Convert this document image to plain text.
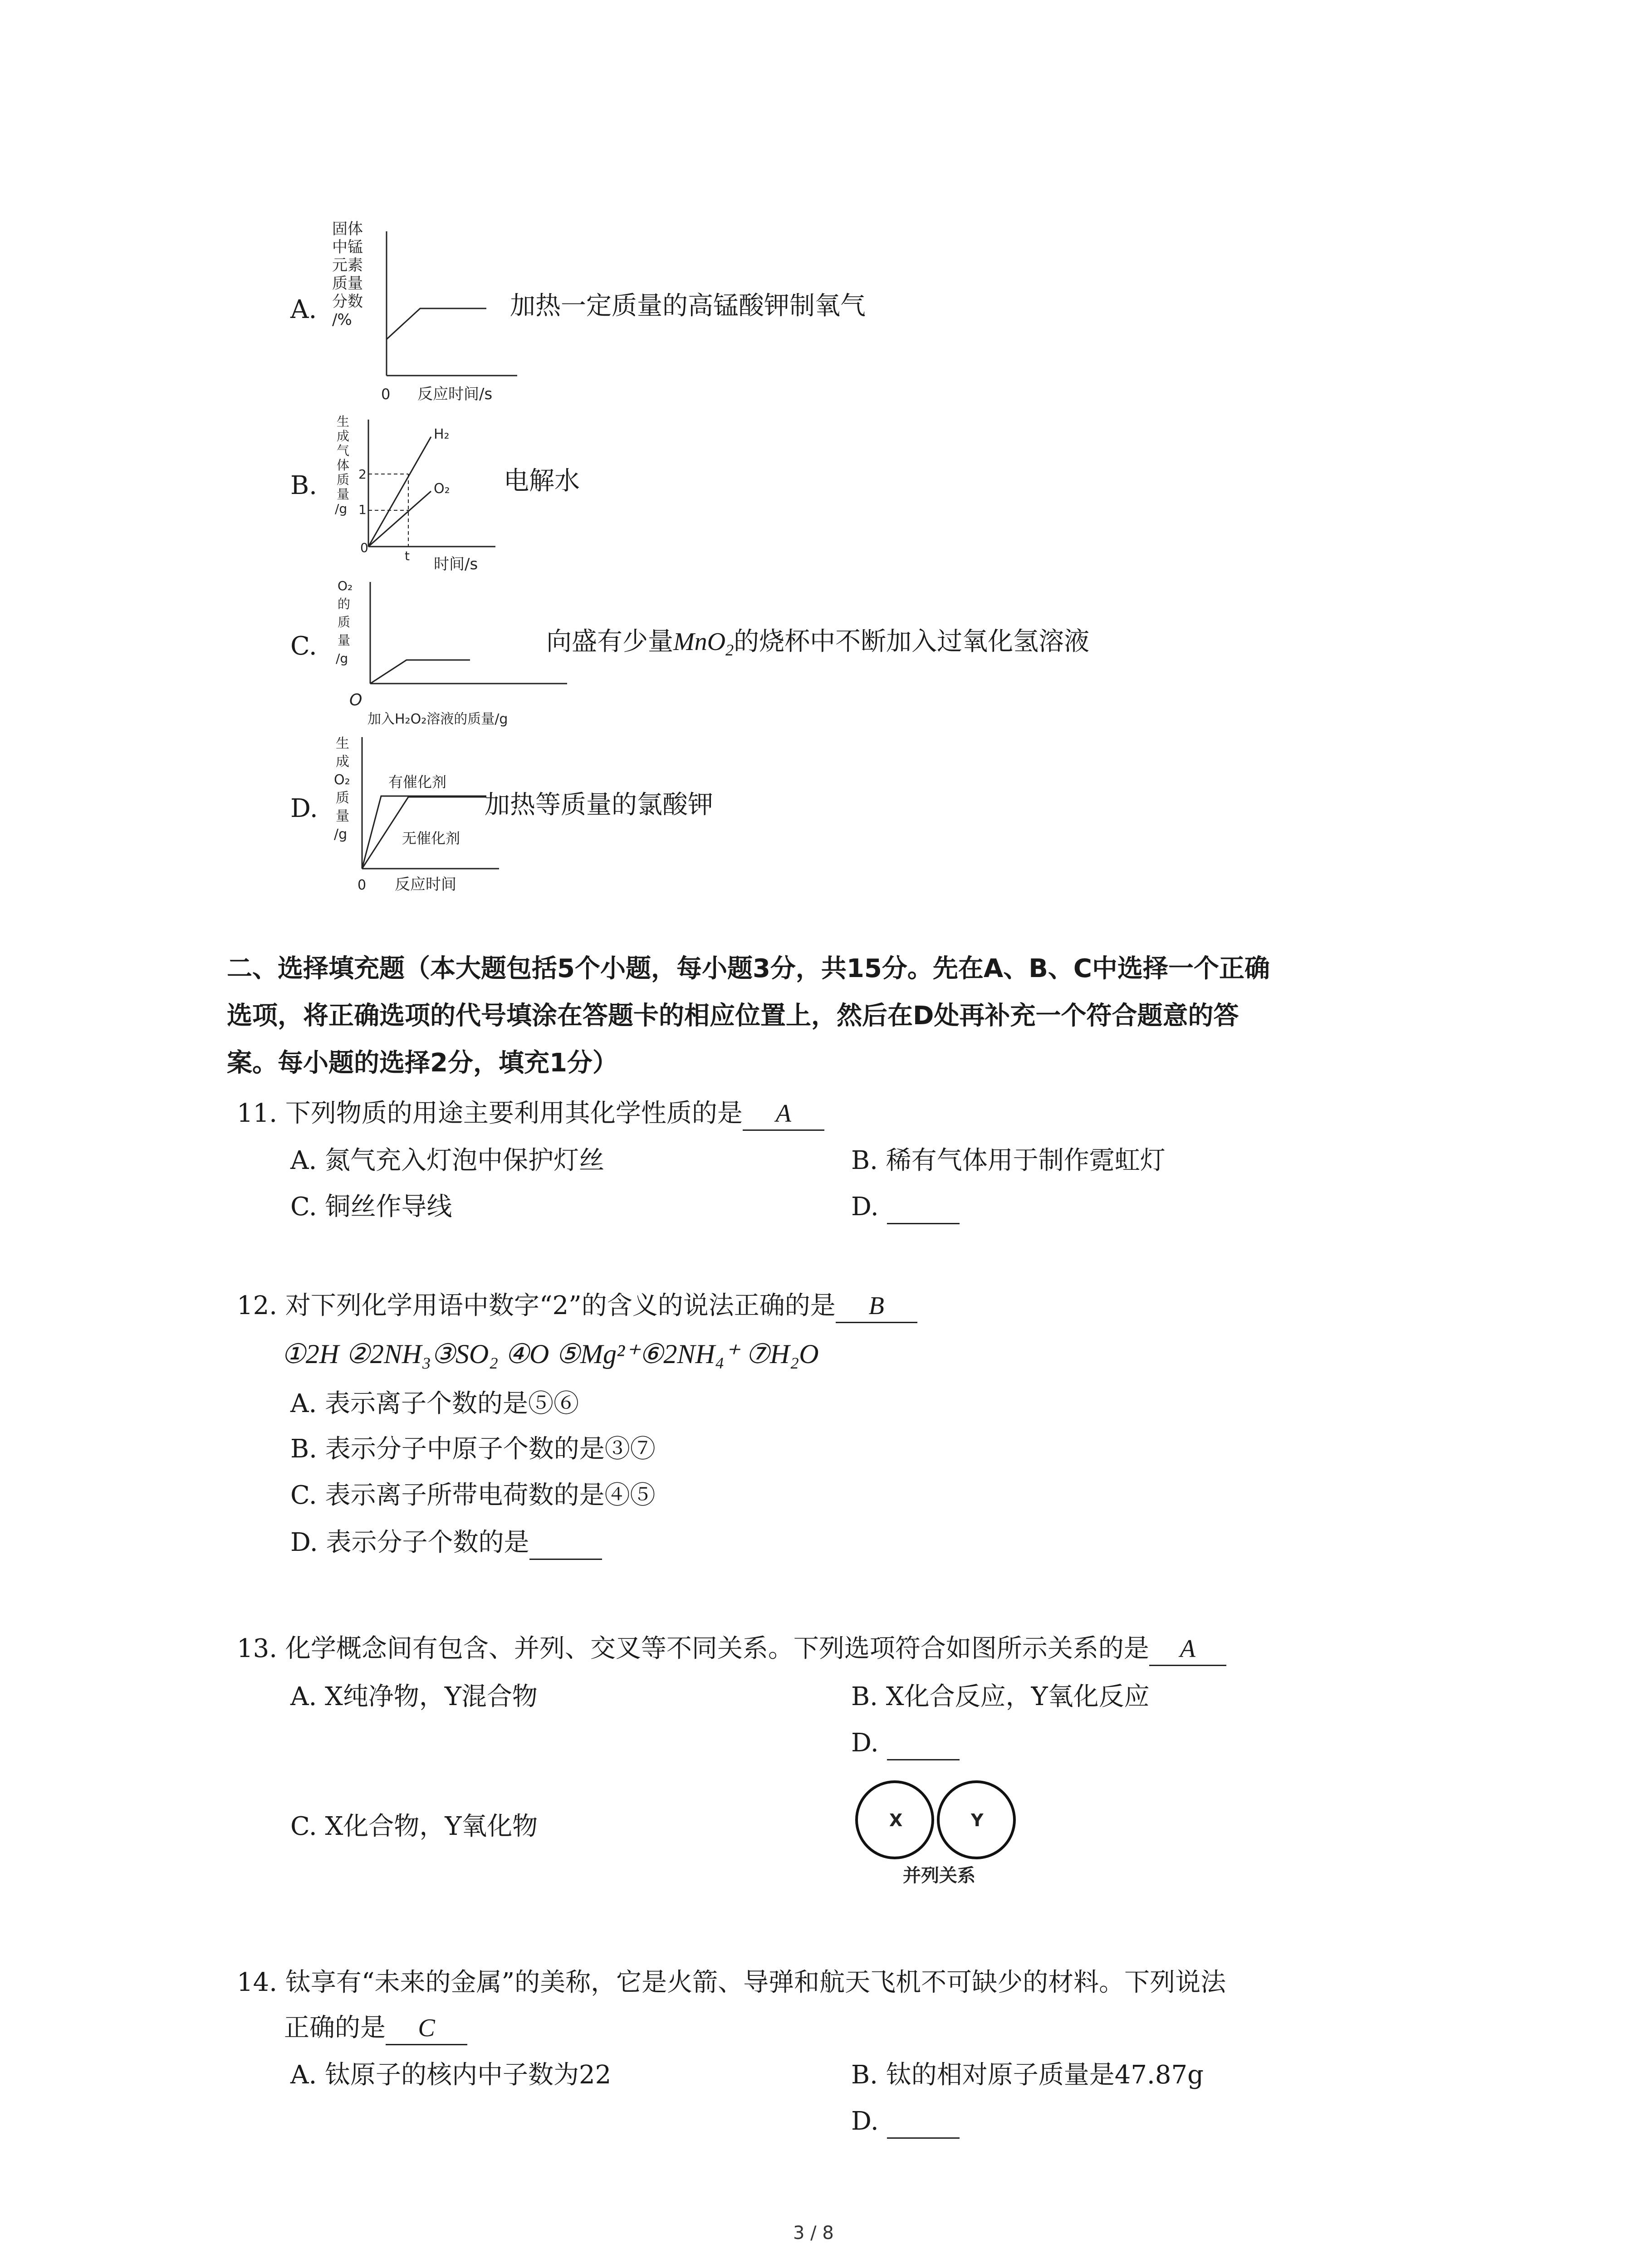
A.
固体
中锰
元素
质量
分数
/%
0 反应时间/s
加热一定质量的高锰酸钾制氧气
B.
生
成
气
体
质
量
/g
2
1
0
t
H₂
O₂
时间/s
电解水
C.
O₂
的
质
量
/g
O
加入H₂O₂溶液的质量/g
向盛有少量MnO$_2$的烧杯中不断加入过氧化氢溶液
D.
生
成
O₂
质
量
/g
有催化剂
无催化剂
0 反应时间
加热等质量的氯酸钾
二、选择填充题（本大题包括5个小题，每小题3分，共15分。先在A、B、C中选择一个正确
选项，将正确选项的代号填涂在答题卡的相应位置上，然后在D处再补充一个符合题意的答
案。每小题的选择2分，填充1分）
11. 下列物质的用途主要利用其化学性质的是 A
A. 氮气充入灯泡中保护灯丝	B. 稀有气体用于制作霓虹灯
C. 铜丝作导线	D.
12. 对下列化学用语中数字“2”的含义的说法正确的是 B
①2H ②2NH₃③SO₂ ④O ⑤Mg²⁺⑥2NH₄⁺ ⑦H₂O
A. 表示离子个数的是⑤⑥
B. 表示分子中原子个数的是③⑦
C. 表示离子所带电荷数的是④⑤
D. 表示分子个数的是
13. 化学概念间有包含、并列、交叉等不同关系。下列选项符合如图所示关系的是 A
A. X纯净物，Y混合物	B. X化合反应，Y氧化反应
D.
C. X化合物，Y氧化物	X	Y
并列关系
14. 钛享有“未来的金属”的美称，它是火箭、导弹和航天飞机不可缺少的材料。下列说法
正确的是 C
A. 钛原子的核内中子数为22	B. 钛的相对原子质量是47.87g
D.
3 / 8
